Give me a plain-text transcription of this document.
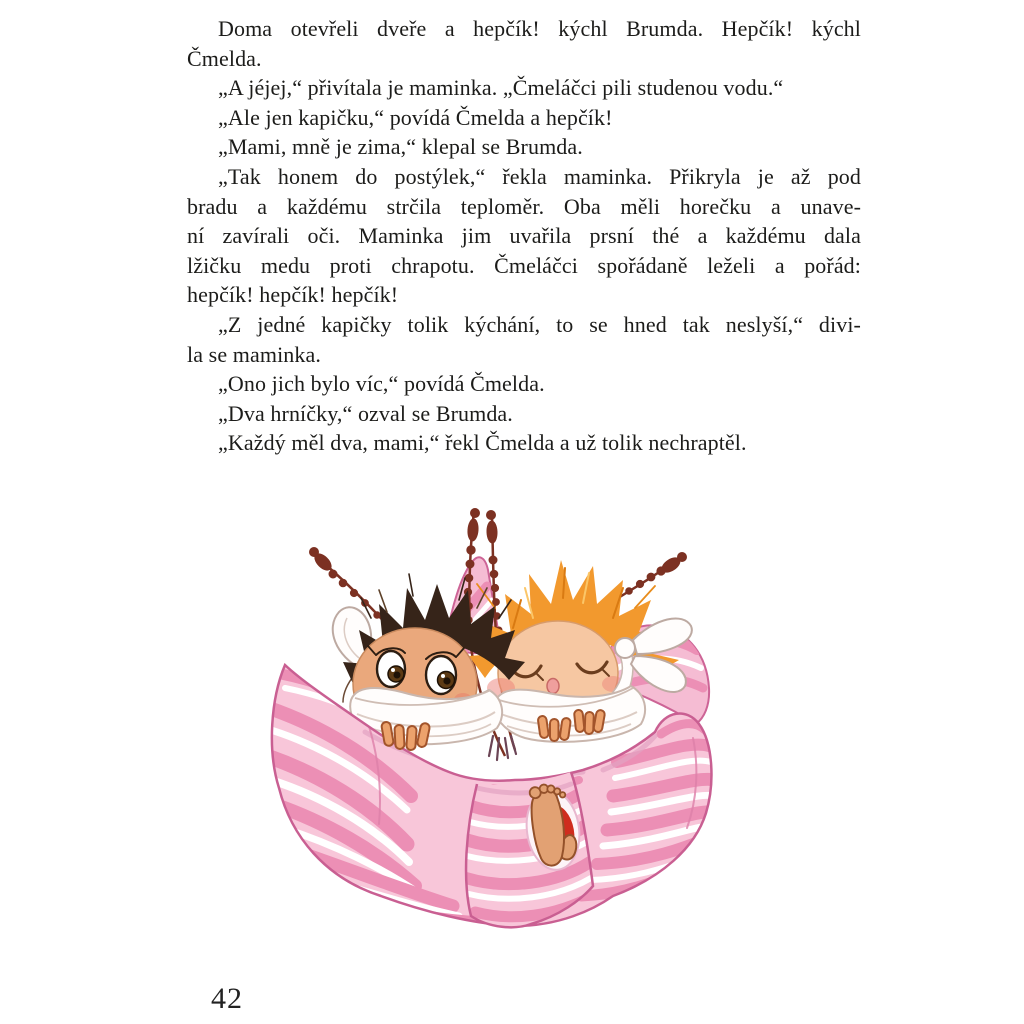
Doma otevřeli dveře a hepčík! kýchl Brumda. Hepčík! kýchl
Čmelda.

„A jéjej,“ přivítala je maminka. „Čmeláčci pili studenou vodu.“

„Ale jen kapičku,“ povídá Čmelda a hepčík!

„Mami, mně je zima,“ klepal se Brumda.

„Tak honem do postýlek,“ řekla maminka. Přikryla je až pod
bradu a každému strčila teploměr. Oba měli horečku a unave-
ní zavírali oči. Maminka jim uvařila prsní thé a každému dala
lžičku medu proti chrapotu. Čmeláčci spořádaně leželi a pořád:
hepčík! hepčík! hepčík!

„Z jedné kapičky tolik kýchání, to se hned tak neslyší,“ divi-
la se maminka.

„Ono jich bylo víc,“ povídá Čmelda.

„Dva hrníčky,“ ozval se Brumda.

„Každý měl dva, mami,“ řekl Čmelda a už tolik nechraptěl.

42
